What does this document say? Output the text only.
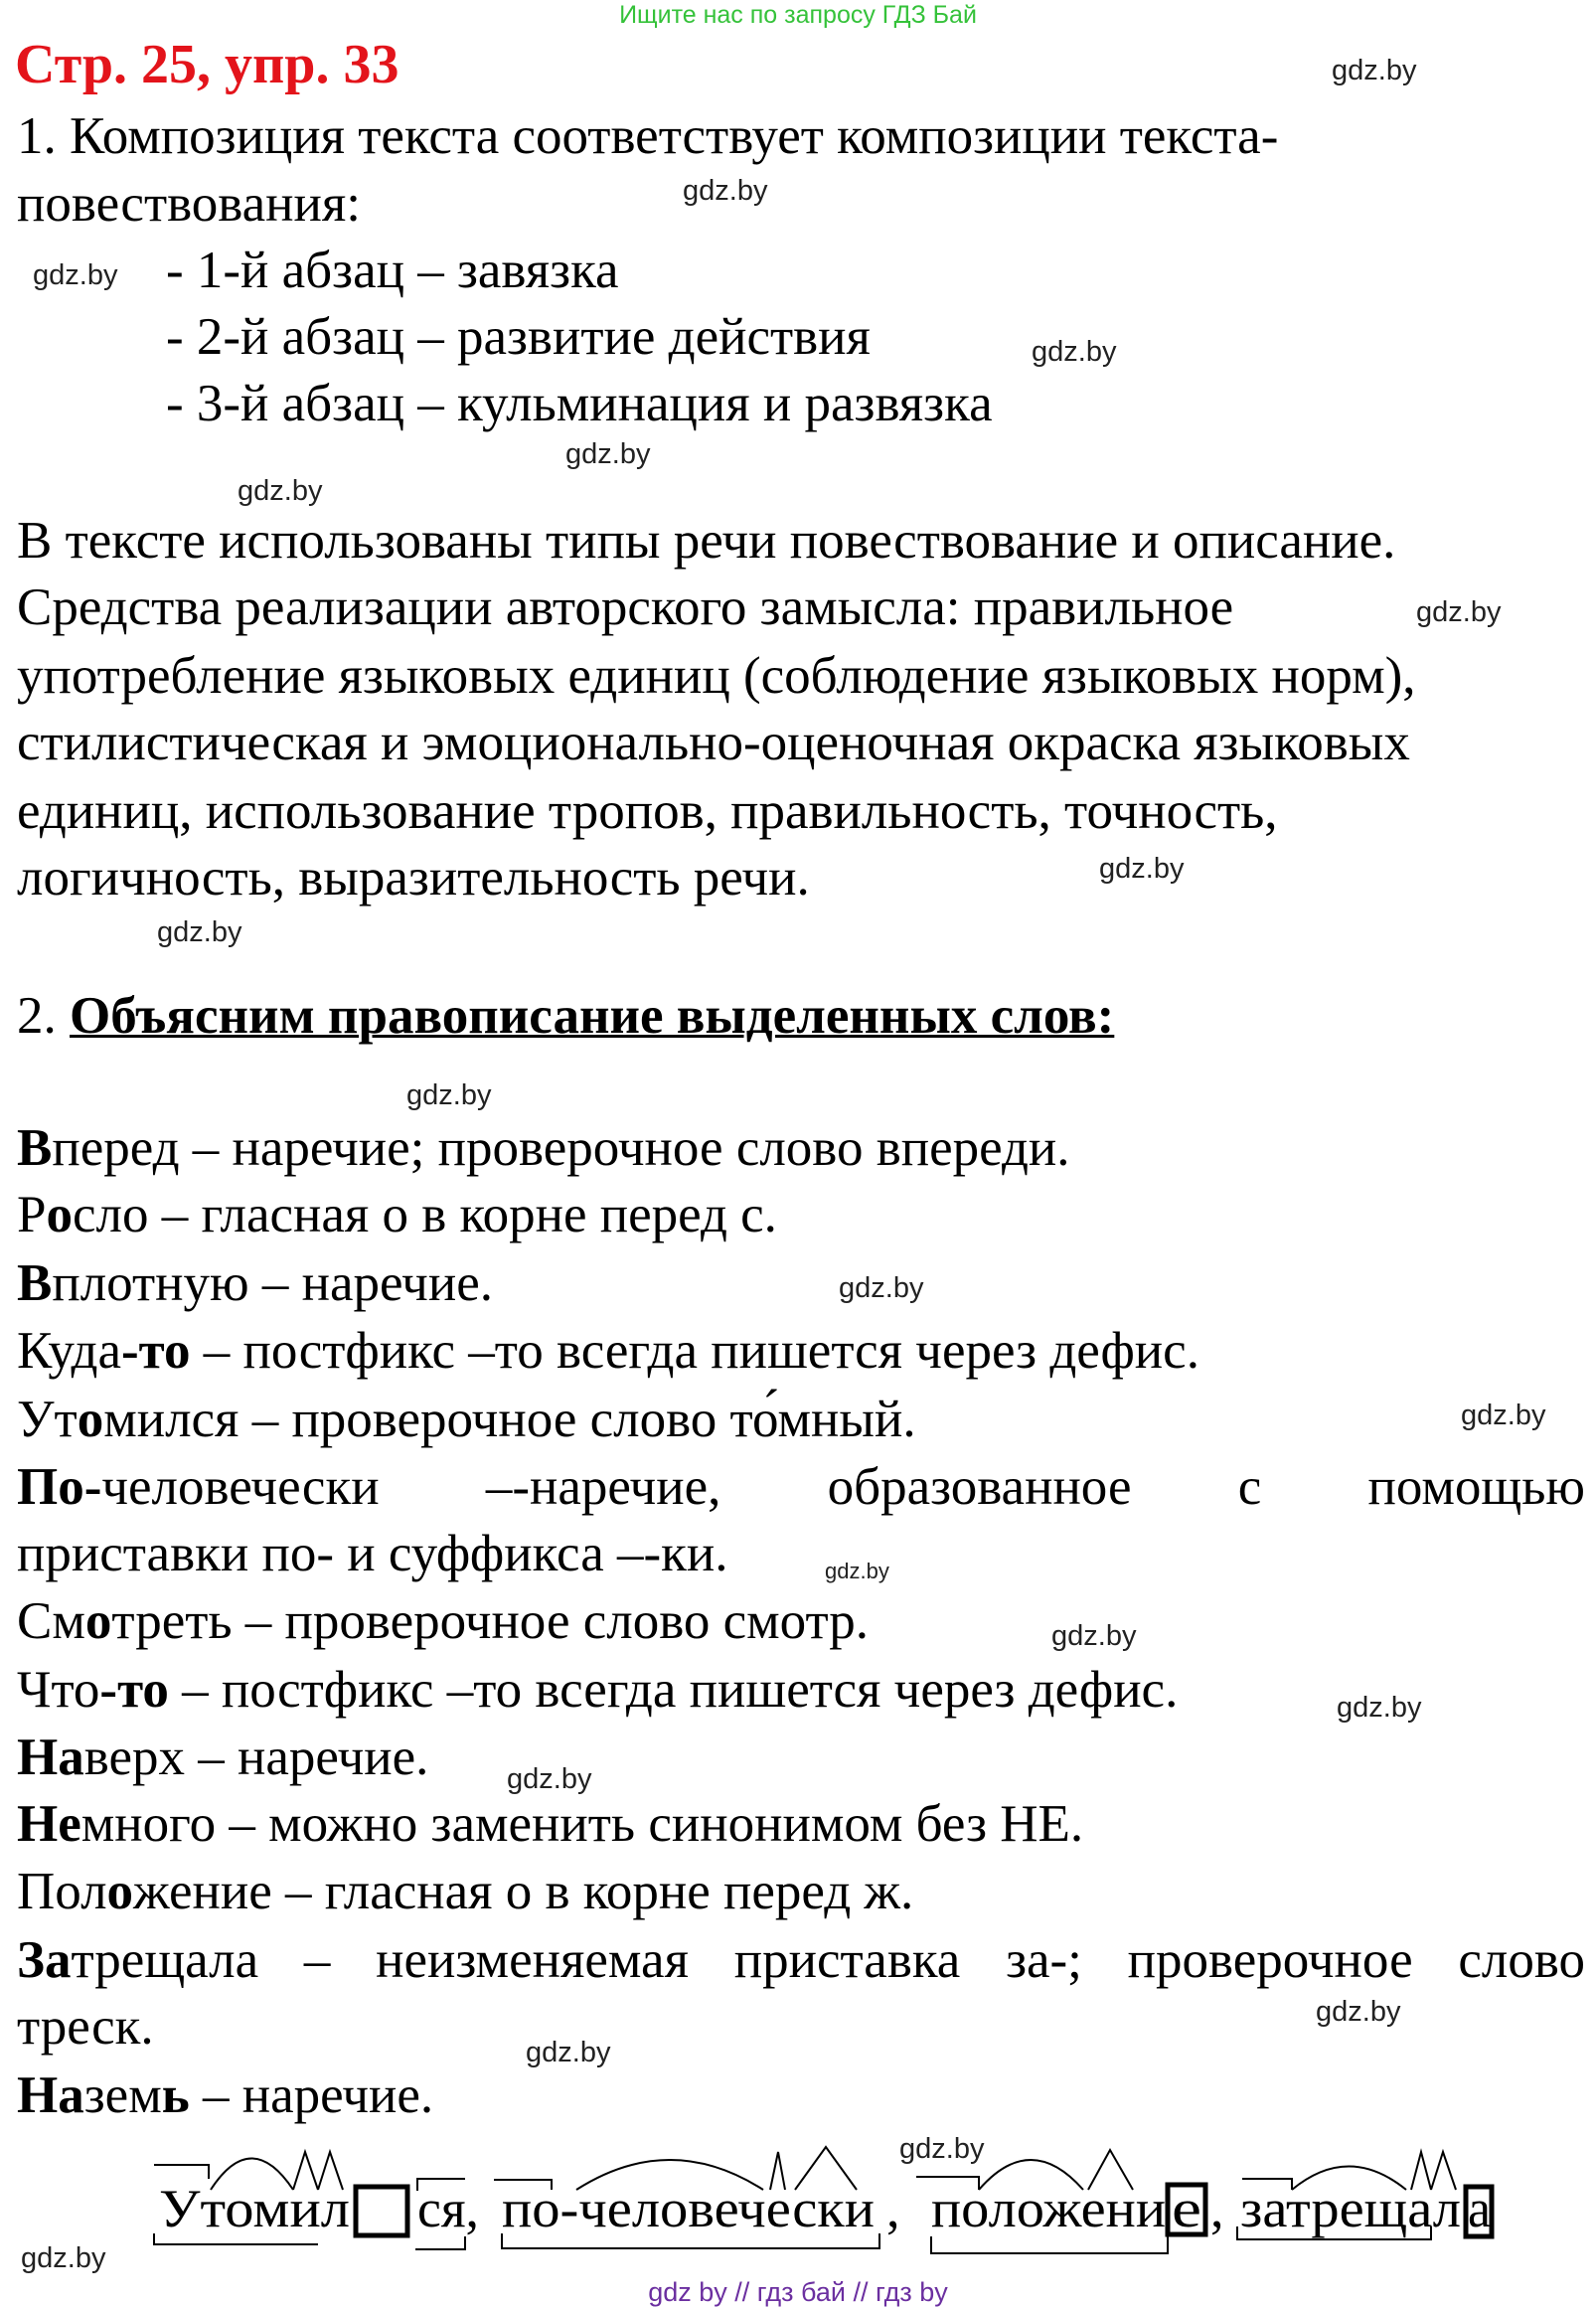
Ищите нас по запросу ГДЗ Бай
Стр. 25, упр. 33
1. Композиция текста соответствует композиции текста-
повествования:
- 1-й абзац – завязка
- 2-й абзац – развитие действия
- 3-й абзац – кульминация и развязка
В тексте использованы типы речи повествование и описание.
Средства реализации авторского замысла: правильное
употребление языковых единиц (соблюдение языковых норм),
стилистическая и эмоционально-оценочная окраска языковых
единиц, использование тропов, правильность, точность,
логичность, выразительность речи.
2. Объясним правописание выделенных слов:
Вперед – наречие; проверочное слово впереди.
Росло – гласная о в корне перед с.
Вплотную – наречие.
Куда-то – постфикс –то всегда пишется через дефис.
Утомился – проверочное слово то́мный.
По-человечески –-наречие, образованное с помощью
приставки по- и суффикса –-ки.
Смотреть – проверочное слово смотр.
Что-то – постфикс –то всегда пишется через дефис.
Наверх – наречие.
Немного – можно заменить синонимом без НЕ.
Положение – гласная о в корне перед ж.
Затрещала – неизменяемая приставка за-; проверочное слово
треск.
Наземь – наречие.
gdz.by
gdz.by
gdz.by
gdz.by
gdz.by
gdz.by
gdz.by
gdz.by
gdz.by
gdz.by
gdz.by
gdz.by
gdz.by
gdz.by
gdz.by
gdz.by
gdz.by
gdz.by
gdz.by
gdz.by
Утомил ся, по-человечески , положени е , затрещал а
gdz by // гдз бай // гдз by
